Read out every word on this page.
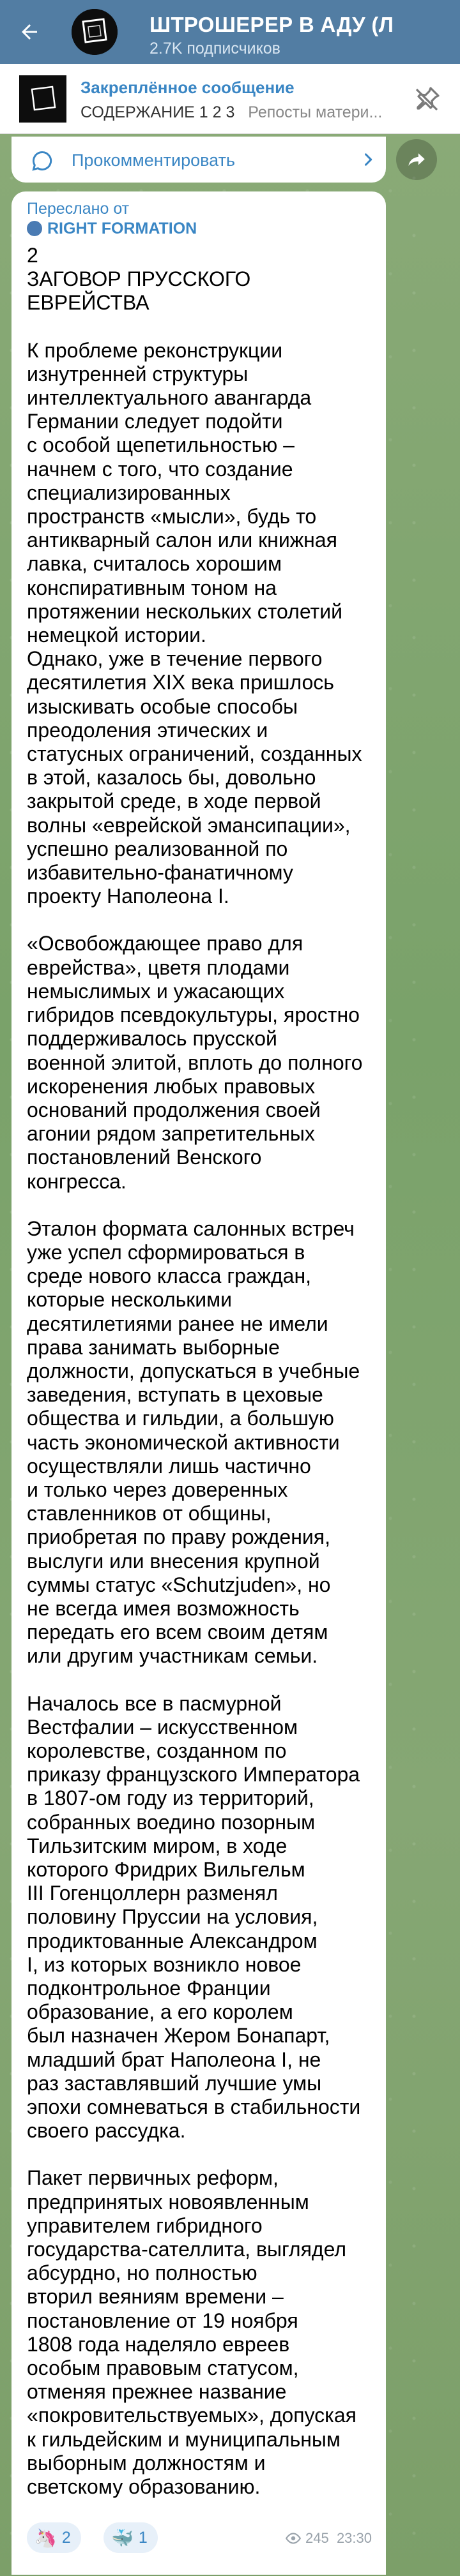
ШТРОШЕРЕР В АДУ (Л
2.7K подписчиков
Закреплённое сообщение
СОДЕРЖАНИЕ 1 2 3 Репосты матери...
Прокомментировать
Переслано от
RIGHT FORMATION

2

ЗАГОВОР ПРУССКОГО ЕВРЕЙСТВА

К проблеме реконструкции
изнутренней структуры
интеллектуального авангарда
Германии следует подойти
с особой щепетильностью –
начнем с того, что создание
специализированных
пространств «мысли», будь то
антикварный салон или книжная
лавка, считалось хорошим
конспиративным тоном на
протяжении нескольких столетий
немецкой истории.

Однако, уже в течение первого
десятилетия XIX века пришлось
изыскивать особые способы
преодоления этических и
статусных ограничений, созданных
в этой, казалось бы, довольно
закрытой среде, в ходе первой
волны «еврейской эмансипации»,
успешно реализованной по
избавительно-фанатичному
проекту Наполеона I.

«Освобождающее право для
еврейства», цветя плодами
немыслимых и ужасающих
гибридов псевдокультуры, яростно
поддерживалось прусской
военной элитой, вплоть до полного
искоренения любых правовых
оснований продолжения своей
агонии рядом запретительных
постановлений Венского
конгресса.

Эталон формата салонных встреч
уже успел сформироваться в
среде нового класса граждан,
которые несколькими
десятилетиями ранее не имели
права занимать выборные
должности, допускаться в учебные
заведения, вступать в цеховые
общества и гильдии, а большую
часть экономической активности
осуществляли лишь частично
и только через доверенных
ставленников от общины,
приобретая по праву рождения,
выслуги или внесения крупной
суммы статус «Schutzjuden», но
не всегда имея возможность
передать его всем своим детям
или другим участникам семьи.

Началось все в пасмурной
Вестфалии – искусственном
королевстве, созданном по
приказу французского Императора
в 1807-ом году из территорий,
собранных воедино позорным
Тильзитским миром, в ходе
которого Фридрих Вильгельм
III Гогенцоллерн разменял
половину Пруссии на условия,
продиктованные Александром
I, из которых возникло новое
подконтрольное Франции
образование, а его королем
был назначен Жером Бонапарт,
младший брат Наполеона I, не
раз заставлявший лучшие умы
эпохи сомневаться в стабильности
своего рассудка.

Пакет первичных реформ,
предпринятых новоявленным
управителем гибридного
государства-сателлита, выглядел
абсурдно, но полностью
вторил веяниям времени –
постановление от 19 ноября
1808 года наделяло евреев
особым правовым статусом,
отменяя прежнее название
«покровительствуемых», допуская
к гильдейским и муниципальным
выборным должностям и
светскому образованию.

🦄 2 🐳 1	245
23:30
